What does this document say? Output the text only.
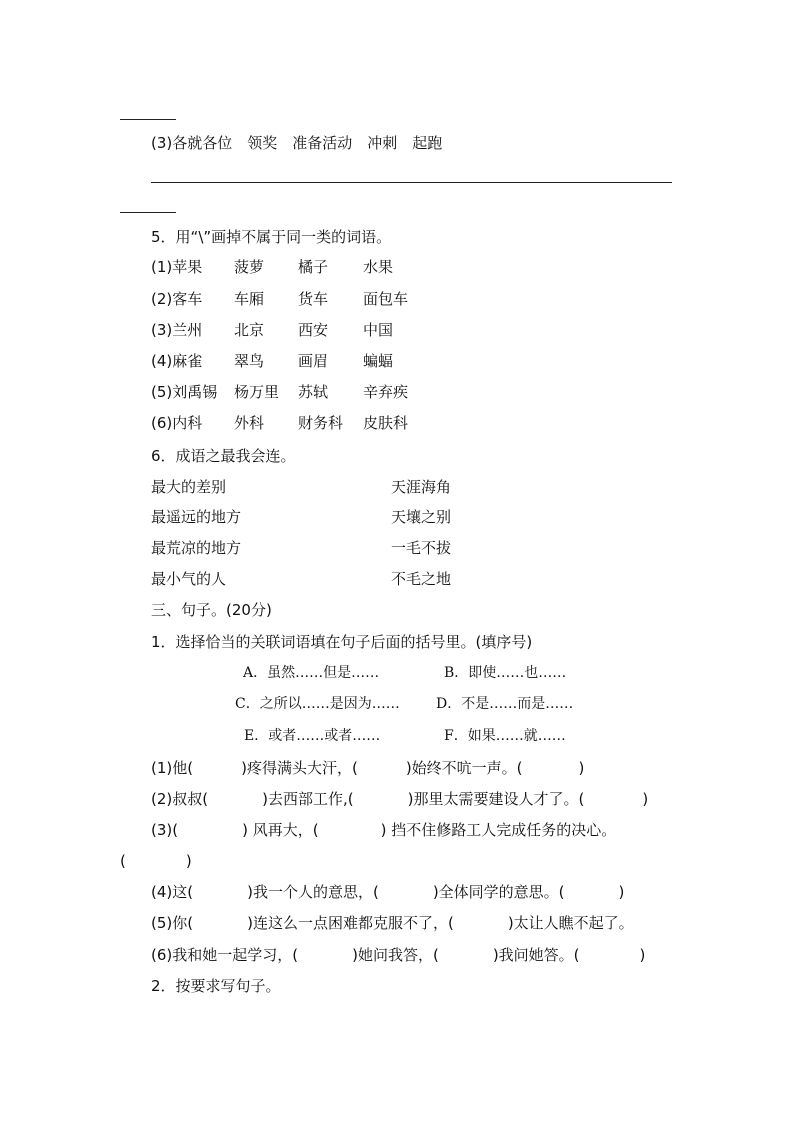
(3)各就各位　领奖　准备活动　冲刺　起跑
5．用“\”画掉不属于同一类的词语。
(1)苹果	菠萝	橘子	水果
(2)客车	车厢	货车	面包车
(3)兰州	北京	西安	中国
(4)麻雀	翠鸟	画眉	蝙蝠
(5)刘禹锡	杨万里	苏轼	辛弃疾
(6)内科	外科	财务科	皮肤科
6．成语之最我会连。
最大的差别	天涯海角
最遥远的地方	天壤之别
最荒凉的地方	一毛不拔
最小气的人	不毛之地
三、句子。(20分)
1．选择恰当的关联词语填在句子后面的括号里。(填序号)
A．虽然……但是……	B．即使……也……
C．之所以……是因为……	D．不是……而是……
E．或者……或者……	F．如果……就……
(1)他(	)疼得满头大汗，(	)始终不吭一声。(	)
(2)叔叔(	)去西部工作,(	)那里太需要建设人才了。(	)
(3)(	) 风再大，(	) 挡不住修路工人完成任务的决心。
(	)
(4)这(	)我一个人的意思，(	)全体同学的意思。(	)
(5)你(	)连这么一点困难都克服不了，(	)太让人瞧不起了。
(6)我和她一起学习，(	)她问我答，(	)我问她答。(	)
2．按要求写句子。
